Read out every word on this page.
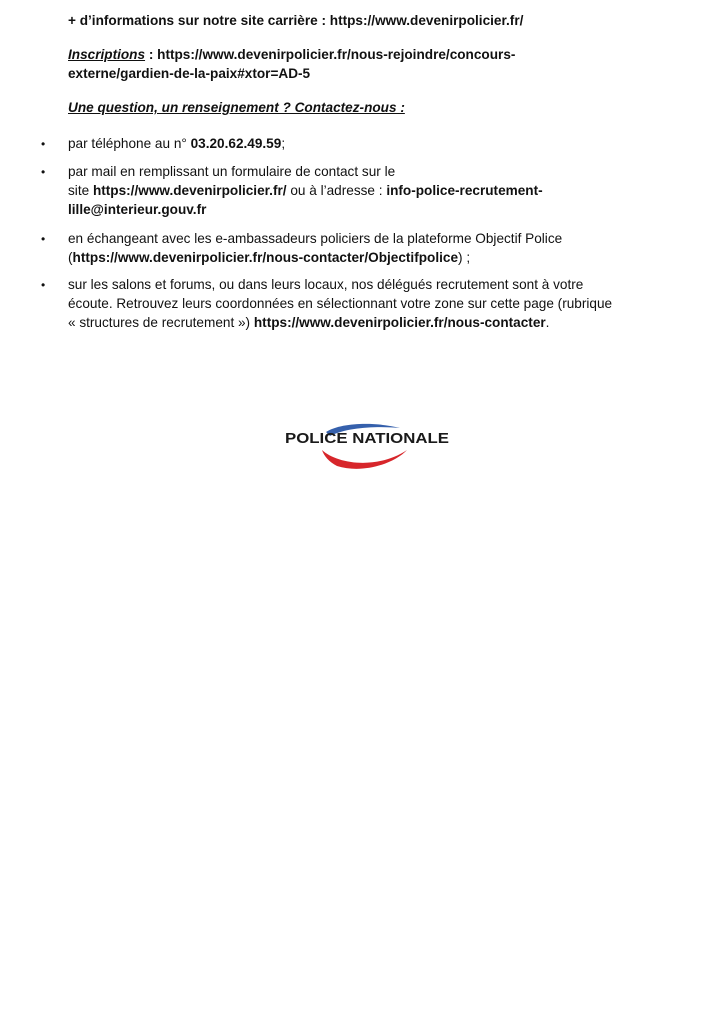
+ d’informations sur notre site carrière : https://www.devenirpolicier.fr/
Inscriptions : https://www.devenirpolicier.fr/nous-rejoindre/concours-
externe/gardien-de-la-paix#xtor=AD-5
Une question, un renseignement ? Contactez-nous :
• par téléphone au n° 03.20.62.49.59;
• par mail en remplissant un formulaire de contact sur le
site https://www.devenirpolicier.fr/ ou à l’adresse : info-police-recrutement-
lille@interieur.gouv.fr
• en échangeant avec les e-ambassadeurs policiers de la plateforme Objectif Police
(https://www.devenirpolicier.fr/nous-contacter/Objectifpolice) ;
• sur les salons et forums, ou dans leurs locaux, nos délégués recrutement sont à votre
écoute. Retrouvez leurs coordonnées en sélectionnant votre zone sur cette page (rubrique
« structures de recrutement ») https://www.devenirpolicier.fr/nous-contacter.
POLICE NATIONALE
